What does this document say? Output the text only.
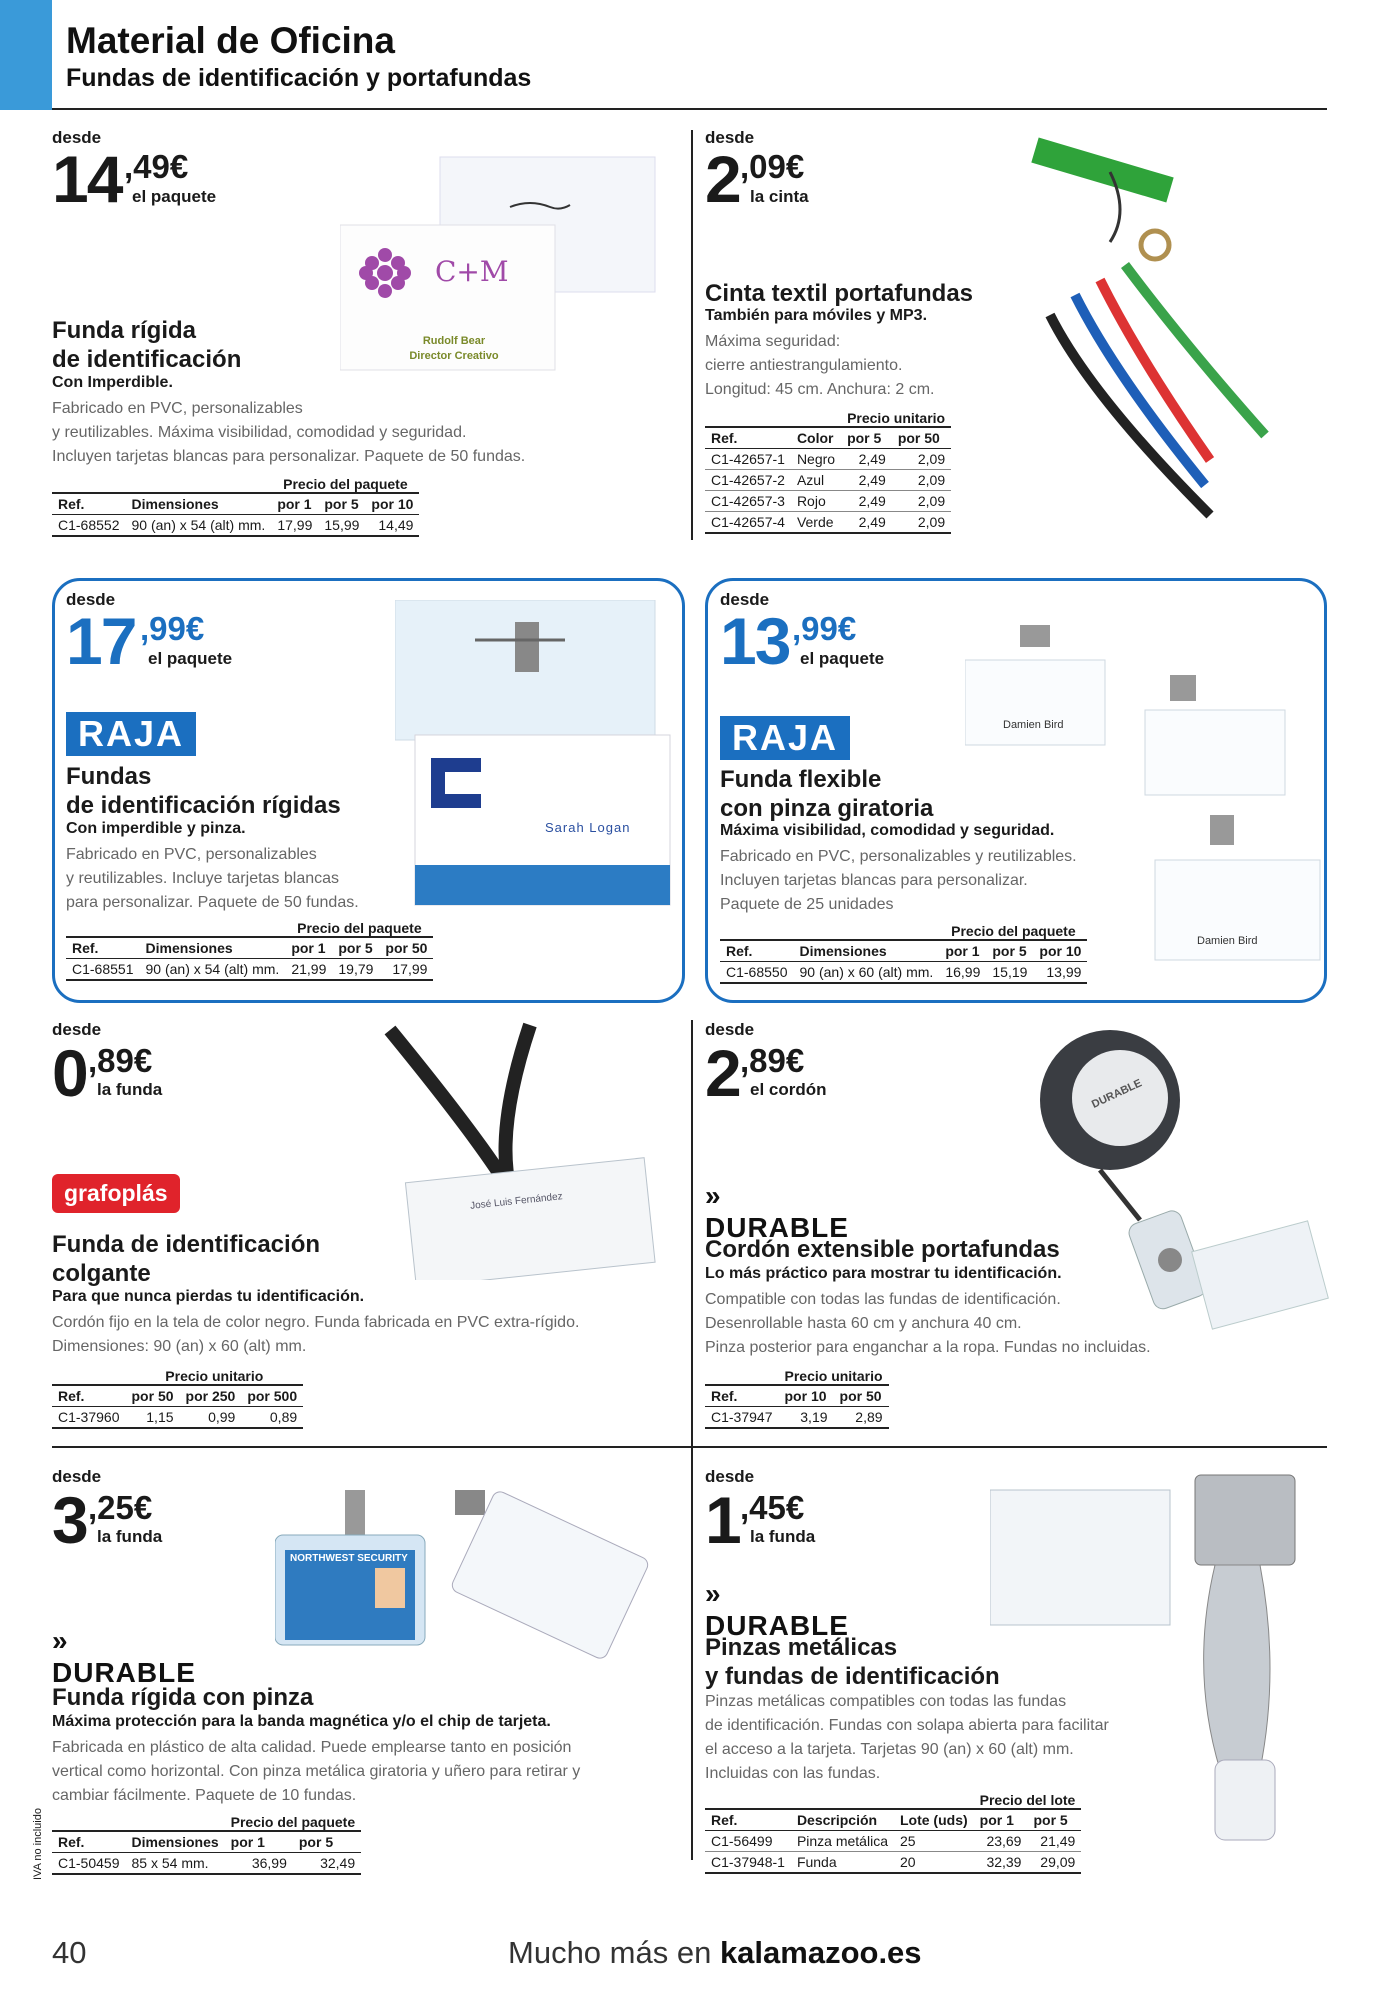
Material de Oficina
Fundas de identificación y portafundas
desde
14 ,49€
el paquete
C+M
Rudolf Bear
Director Creativo
Funda rígida
de identificación
Con Imperdible.
Fabricado en PVC, personalizables
y reutilizables. Máxima visibilidad, comodidad y seguridad.
Incluyen tarjetas blancas para personalizar. Paquete de 50 fundas.
		Precio del paquete		
Ref.	Dimensiones	por 1	por 5	por 10
C1-68552	90 (an) x 54 (alt) mm.	17,99	15,99	14,49
desde
2 ,09€
la cinta
Cinta textil portafundas
También para móviles y MP3.
Máxima seguridad:
cierre antiestrangulamiento.
Longitud: 45 cm. Anchura: 2 cm.
		Precio unitario	
Ref.	Color	por 5	por 50
C1-42657-1	Negro	2,49	2,09
C1-42657-2	Azul	2,49	2,09
C1-42657-3	Rojo	2,49	2,09
C1-42657-4	Verde	2,49	2,09
desde
17 ,99€
el paquete
RAJA
Sarah Logan
Fundas
de identificación rígidas
Con imperdible y pinza.
Fabricado en PVC, personalizables
y reutilizables. Incluye tarjetas blancas
para personalizar. Paquete de 50 fundas.
		Precio del paquete		
Ref.	Dimensiones	por 1	por 5	por 50
C1-68551	90 (an) x 54 (alt) mm.	21,99	19,79	17,99
desde
13 ,99€
el paquete
RAJA	Damien Bird
Damien Bird
Funda flexible
con pinza giratoria
Máxima visibilidad, comodidad y seguridad.
Fabricado en PVC, personalizables y reutilizables.
Incluyen tarjetas blancas para personalizar.
Paquete de 25 unidades
		Precio del paquete		
Ref.	Dimensiones	por 1	por 5	por 10
C1-68550	90 (an) x 60 (alt) mm.	16,99	15,19	13,99
desde
0 ,89€
la funda
José Luis Fernández
grafoplás
Funda de identificación
colgante
Para que nunca pierdas tu identificación.
Cordón fijo en la tela de color negro. Funda fabricada en PVC extra-rígido.
Dimensiones: 90 (an) x 60 (alt) mm.
	Precio unitario		
Ref.	por 50	por 250	por 500
C1-37960	1,15	0,99	0,89
desde
2 ,89€
el cordón	DURABLE
»
DURABLE
Cordón extensible portafundas
Lo más práctico para mostrar tu identificación.
Compatible con todas las fundas de identificación.
Desenrollable hasta 60 cm y anchura 40 cm.
Pinza posterior para enganchar a la ropa. Fundas no incluidas.
	Precio unitario	
Ref.	por 10	por 50
C1-37947	3,19	2,89
desde
3 ,25€
la funda
NORTHWEST SECURITY
»
DURABLE
Funda rígida con pinza
Máxima protección para la banda magnética y/o el chip de tarjeta.
Fabricada en plástico de alta calidad. Puede emplearse tanto en posición
vertical como horizontal. Con pinza metálica giratoria y uñero para retirar y
cambiar fácilmente. Paquete de 10 fundas.
		Precio del paquete	
Ref.	Dimensiones	por 1	por 5
C1-50459	85 x 54 mm.	36,99	32,49
desde
1 ,45€
la funda
»
DURABLE
Pinzas metálicas
y fundas de identificación
Pinzas metálicas compatibles con todas las fundas
de identificación. Fundas con solapa abierta para facilitar
el acceso a la tarjeta. Tarjetas 90 (an) x 60 (alt) mm.
Incluidas con las fundas.
			Precio del lote	
Ref.	Descripción	Lote (uds)	por 1	por 5
C1-56499	Pinza metálica	25	23,69	21,49
C1-37948-1	Funda	20	32,39	29,09
IVA no incluido
40	Mucho más en kalamazoo.es
